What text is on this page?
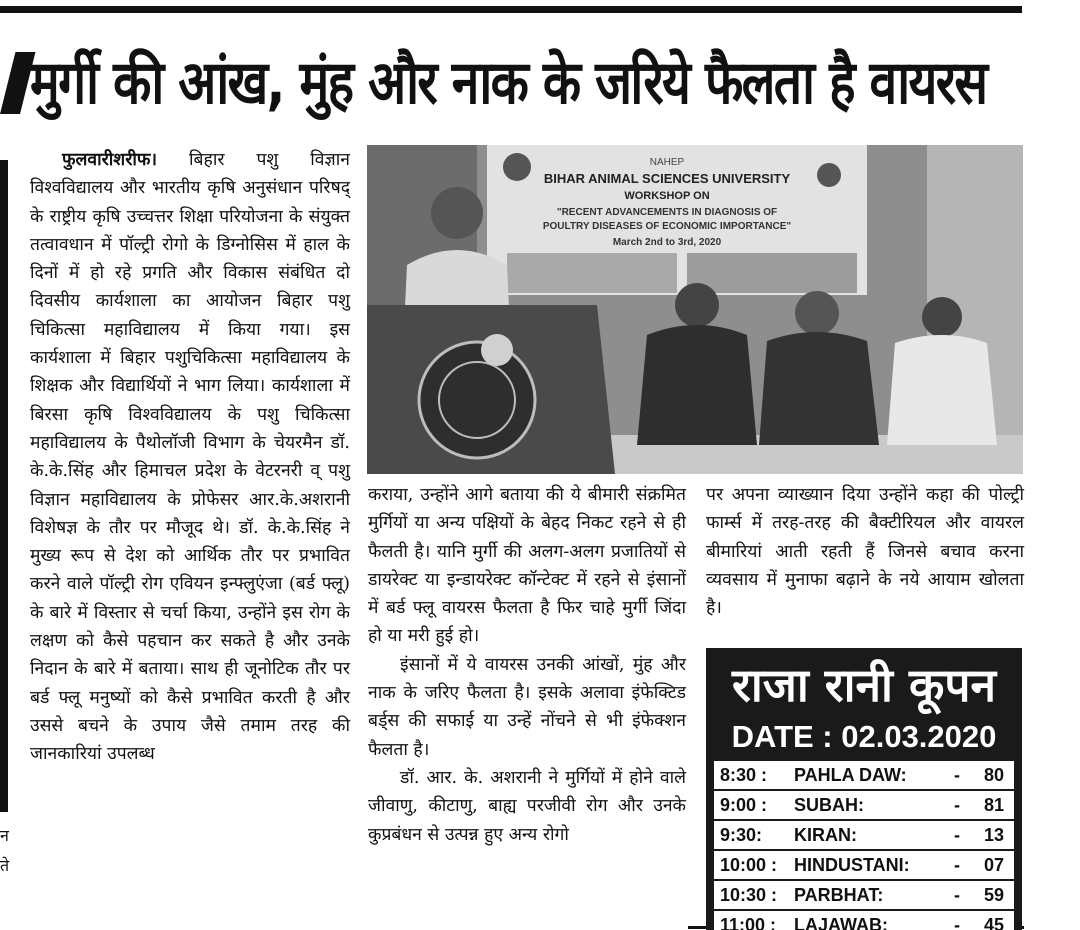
मुर्गी की आंख, मुंह और नाक के जरिये फैलता है वायरस
न
ते

फुलवारीशरीफ। बिहार पशु विज्ञान विश्वविद्यालय और भारतीय कृषि अनुसंधान परिषद् के राष्ट्रीय कृषि उच्चत्तर शिक्षा परियोजना के संयुक्त तत्वावधान में पॉल्ट्री रोगो के डिग्नोसिस में हाल के दिनों में हो रहे प्रगति और विकास संबंधित दो दिवसीय कार्यशाला का आयोजन बिहार पशु चिकित्सा महाविद्यालय में किया गया। इस कार्यशाला में बिहार पशुचिकित्सा महाविद्यालय के शिक्षक और विद्यार्थियों ने भाग लिया। कार्यशाला में बिरसा कृषि विश्वविद्यालय के पशु चिकित्सा महाविद्यालय के पैथोलॉजी विभाग के चेयरमैन डॉ. के.के.सिंह और हिमाचल प्रदेश के वेटरनरी व् पशु विज्ञान महाविद्यालय के प्रोफेसर आर.के.अशरानी विशेषज्ञ के तौर पर मौजूद थे। डॉ. के.के.सिंह ने मुख्य रूप से देश को आर्थिक तौर पर प्रभावित करने वाले पॉल्ट्री रोग एवियन इन्फ्लुएंजा (बर्ड फ्लू) के बारे में विस्तार से चर्चा किया, उन्होंने इस रोग के लक्षण को कैसे पहचान कर सकते है और उनके निदान के बारे में बताया। साथ ही जूनोटिक तौर पर बर्ड फ्लू मनुष्यों को कैसे प्रभावित करती है और उससे बचने के उपाय जैसे तमाम तरह की जानकारियां उपलब्ध

NAHEP
BIHAR ANIMAL SCIENCES UNIVERSITY
WORKSHOP ON
"RECENT ADVANCEMENTS IN DIAGNOSIS OF
POULTRY DISEASES OF ECONOMIC IMPORTANCE"
March 2nd to 3rd, 2020

कराया, उन्होंने आगे बताया की ये बीमारी संक्रमित मुर्गियों या अन्य पक्षियों के बेहद निकट रहने से ही फैलती है। यानि मुर्गी की अलग-अलग प्रजातियों से डायरेक्ट या इन्डायरेक्ट कॉन्टेक्ट में रहने से इंसानों में बर्ड फ्लू वायरस फैलता है फिर चाहे मुर्गी जिंदा हो या मरी हुई हो।

इंसानों में ये वायरस उनकी आंखों, मुंह और नाक के जरिए फैलता है। इसके अलावा इंफेक्टिड बर्ड्स की सफाई या उन्हें नोंचने से भी इंफेक्शन फैलता है।

डॉ. आर. के. अशरानी ने मुर्गियों में होने वाले जीवाणु, कीटाणु, बाह्य परजीवी रोग और उनके कुप्रबंधन से उत्पन्न हुए अन्य रोगो

पर अपना व्याख्यान दिया उन्होंने कहा की पोल्ट्री फार्म्स में तरह-तरह की बैक्टीरियल और वायरल बीमारियां आती रहती हैं जिनसे बचाव करना व्यवसाय में मुनाफा बढ़ाने के नये आयाम खोलता है।

राजा रानी कूपन
DATE : 02.03.2020
8:30 : PAHLA DAW:	- 80
9:00 : SUBAH:	- 81
9:30: KIRAN:	- 13
10:00 : HINDUSTANI: - 07
10:30 : PARBHAT:	- 59
11:00 : LAJAWAB:	- 45
